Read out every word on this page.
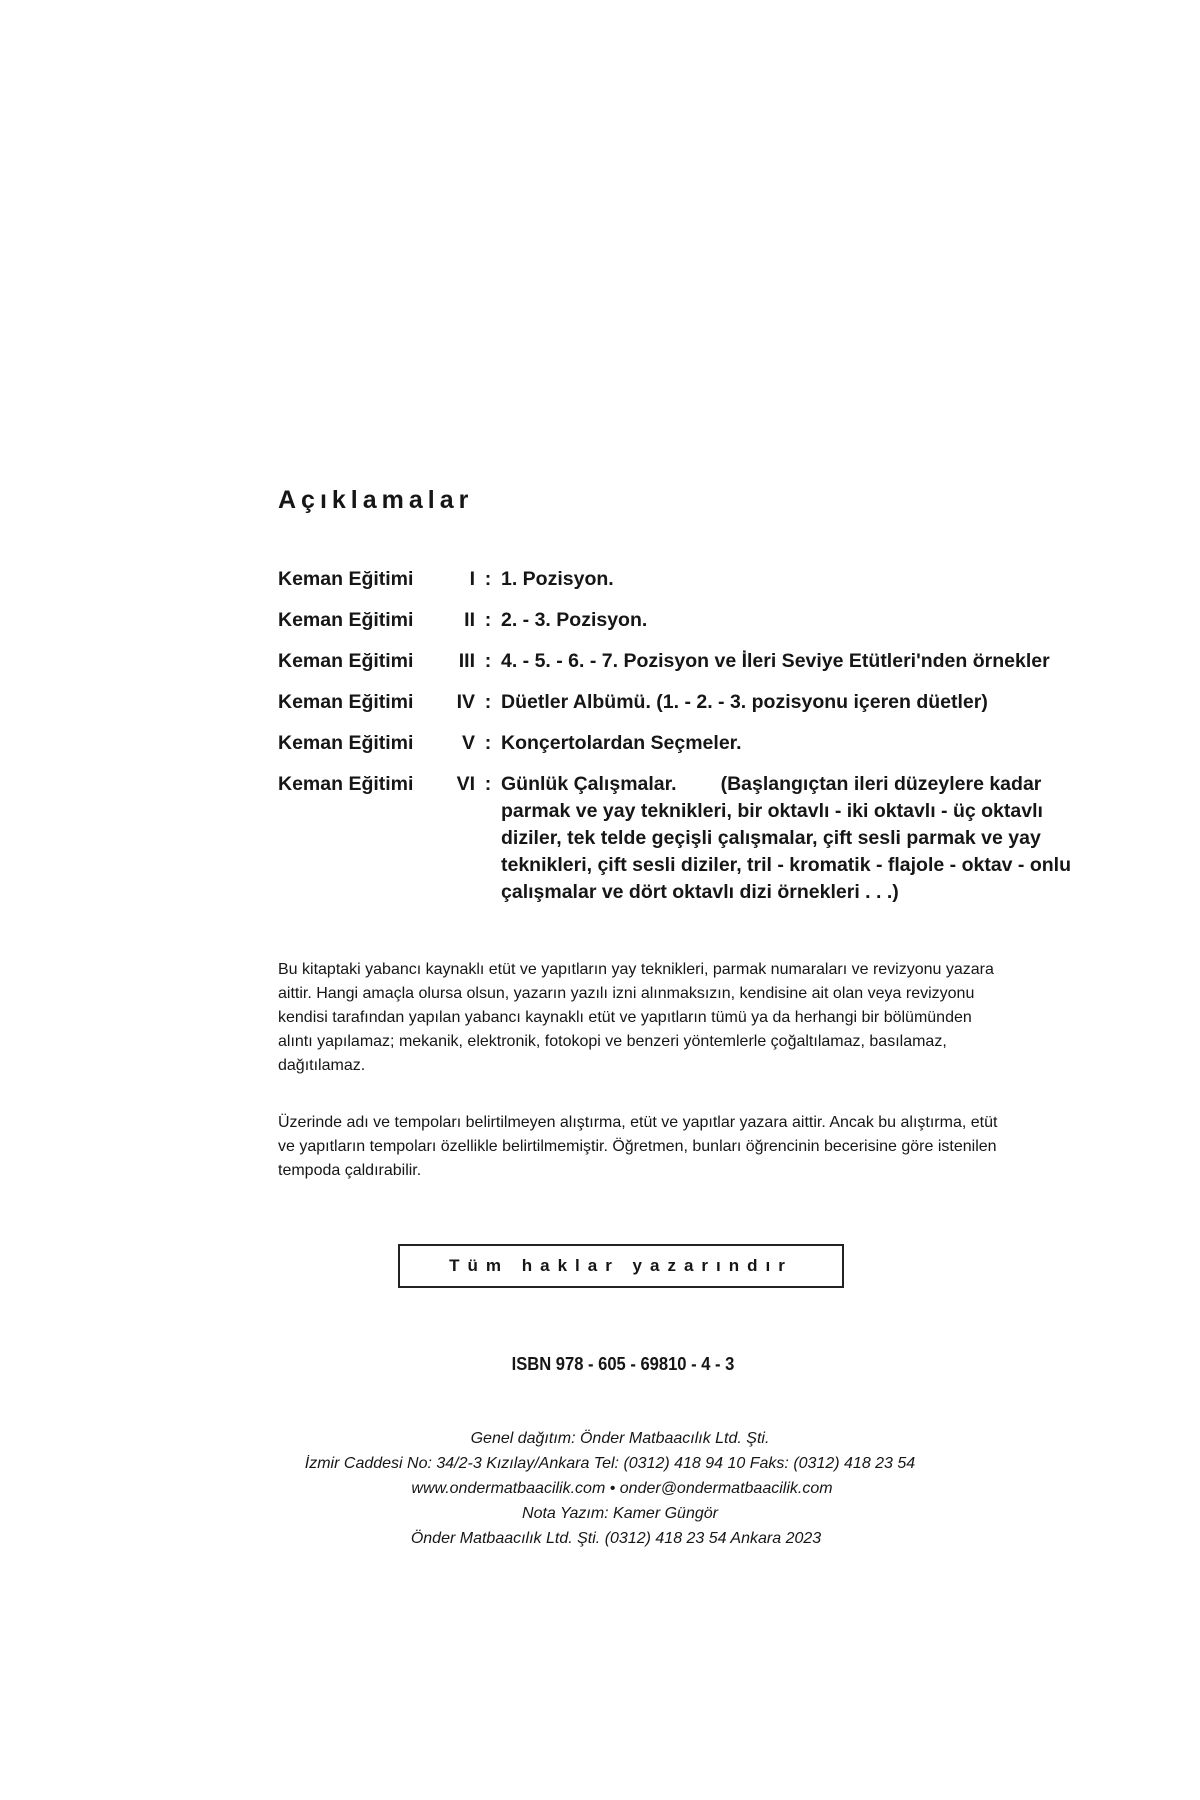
Açıklamalar
Keman Eğitimi	I : 1. Pozisyon.
Keman Eğitimi	II : 2. - 3. Pozisyon.
Keman Eğitimi	III : 4. - 5. - 6. - 7. Pozisyon ve İleri Seviye Etütleri'nden örnekler
Keman Eğitimi	IV : Düetler Albümü. (1. - 2. - 3. pozisyonu içeren düetler)
Keman Eğitimi	V : Konçertolardan Seçmeler.
Keman Eğitimi	VI : Günlük Çalışmalar. (Başlangıçtan ileri düzeylere kadar parmak ve yay teknikleri, bir oktavlı - iki oktavlı - üç oktavlı diziler, tek telde geçişli çalışmalar, çift sesli parmak ve yay teknikleri, çift sesli diziler, tril - kromatik - flajole - oktav - onlu çalışmalar ve dört oktavlı dizi örnekleri . . .)

Bu kitaptaki yabancı kaynaklı etüt ve yapıtların yay teknikleri, parmak numaraları ve revizyonu yazara aittir. Hangi amaçla olursa olsun, yazarın yazılı izni alınmaksızın, kendisine ait olan veya revizyonu kendisi tarafından yapılan yabancı kaynaklı etüt ve yapıtların tümü ya da herhangi bir bölümünden alıntı yapılamaz; mekanik, elektronik, fotokopi ve benzeri yöntemlerle çoğaltılamaz, basılamaz, dağıtılamaz.

Üzerinde adı ve tempoları belirtilmeyen alıştırma, etüt ve yapıtlar yazara aittir. Ancak bu alıştırma, etüt ve yapıtların tempoları özellikle belirtilmemiştir. Öğretmen, bunları öğrencinin becerisine göre istenilen tempoda çaldırabilir.

Tüm haklar yazarındır

ISBN 978 - 605 - 69810 - 4 - 3

Genel dağıtım: Önder Matbaacılık Ltd. Şti.
İzmir Caddesi No: 34/2-3 Kızılay/Ankara Tel: (0312) 418 94 10 Faks: (0312) 418 23 54
www.ondermatbaacilik.com • onder@ondermatbaacilik.com
Nota Yazım: Kamer Güngör
Önder Matbaacılık Ltd. Şti. (0312) 418 23 54 Ankara 2023
